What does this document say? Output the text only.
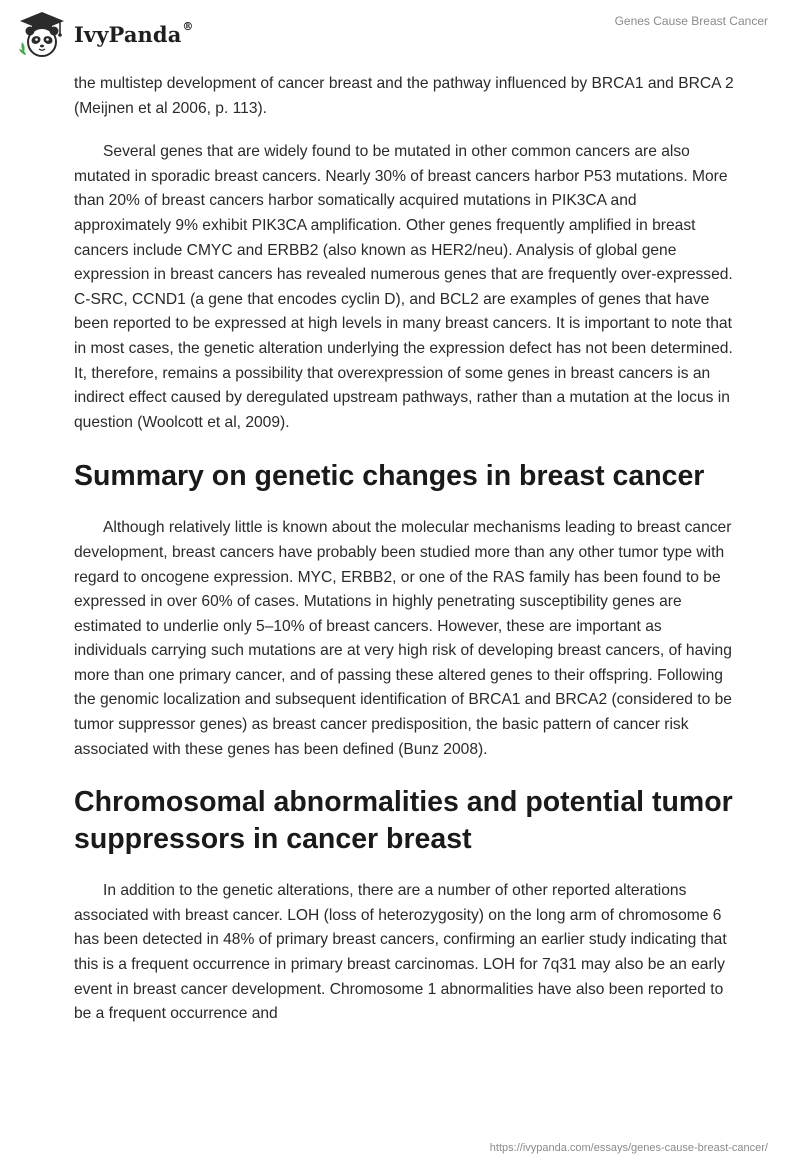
IvyPanda®	Genes Cause Breast Cancer

the multistep development of cancer breast and the pathway influenced by BRCA1 and BRCA 2 (Meijnen et al 2006, p. 113).

Several genes that are widely found to be mutated in other common cancers are also mutated in sporadic breast cancers. Nearly 30% of breast cancers harbor P53 mutations. More than 20% of breast cancers harbor somatically acquired mutations in PIK3CA and approximately 9% exhibit PIK3CA amplification. Other genes frequently amplified in breast cancers include CMYC and ERBB2 (also known as HER2/neu). Analysis of global gene expression in breast cancers has revealed numerous genes that are frequently over-expressed. C-SRC, CCND1 (a gene that encodes cyclin D), and BCL2 are examples of genes that have been reported to be expressed at high levels in many breast cancers. It is important to note that in most cases, the genetic alteration underlying the expression defect has not been determined. It, therefore, remains a possibility that overexpression of some genes in breast cancers is an indirect effect caused by deregulated upstream pathways, rather than a mutation at the locus in question (Woolcott et al, 2009).

Summary on genetic changes in breast cancer

Although relatively little is known about the molecular mechanisms leading to breast cancer development, breast cancers have probably been studied more than any other tumor type with regard to oncogene expression. MYC, ERBB2, or one of the RAS family has been found to be expressed in over 60% of cases. Mutations in highly penetrating susceptibility genes are estimated to underlie only 5–10% of breast cancers. However, these are important as individuals carrying such mutations are at very high risk of developing breast cancers, of having more than one primary cancer, and of passing these altered genes to their offspring. Following the genomic localization and subsequent identification of BRCA1 and BRCA2 (considered to be tumor suppressor genes) as breast cancer predisposition, the basic pattern of cancer risk associated with these genes has been defined (Bunz 2008).

Chromosomal abnormalities and potential tumor suppressors in cancer breast

In addition to the genetic alterations, there are a number of other reported alterations associated with breast cancer. LOH (loss of heterozygosity) on the long arm of chromosome 6 has been detected in 48% of primary breast cancers, confirming an earlier study indicating that this is a frequent occurrence in primary breast carcinomas. LOH for 7q31 may also be an early event in breast cancer development. Chromosome 1 abnormalities have also been reported to be a frequent occurrence and

https://ivypanda.com/essays/genes-cause-breast-cancer/
